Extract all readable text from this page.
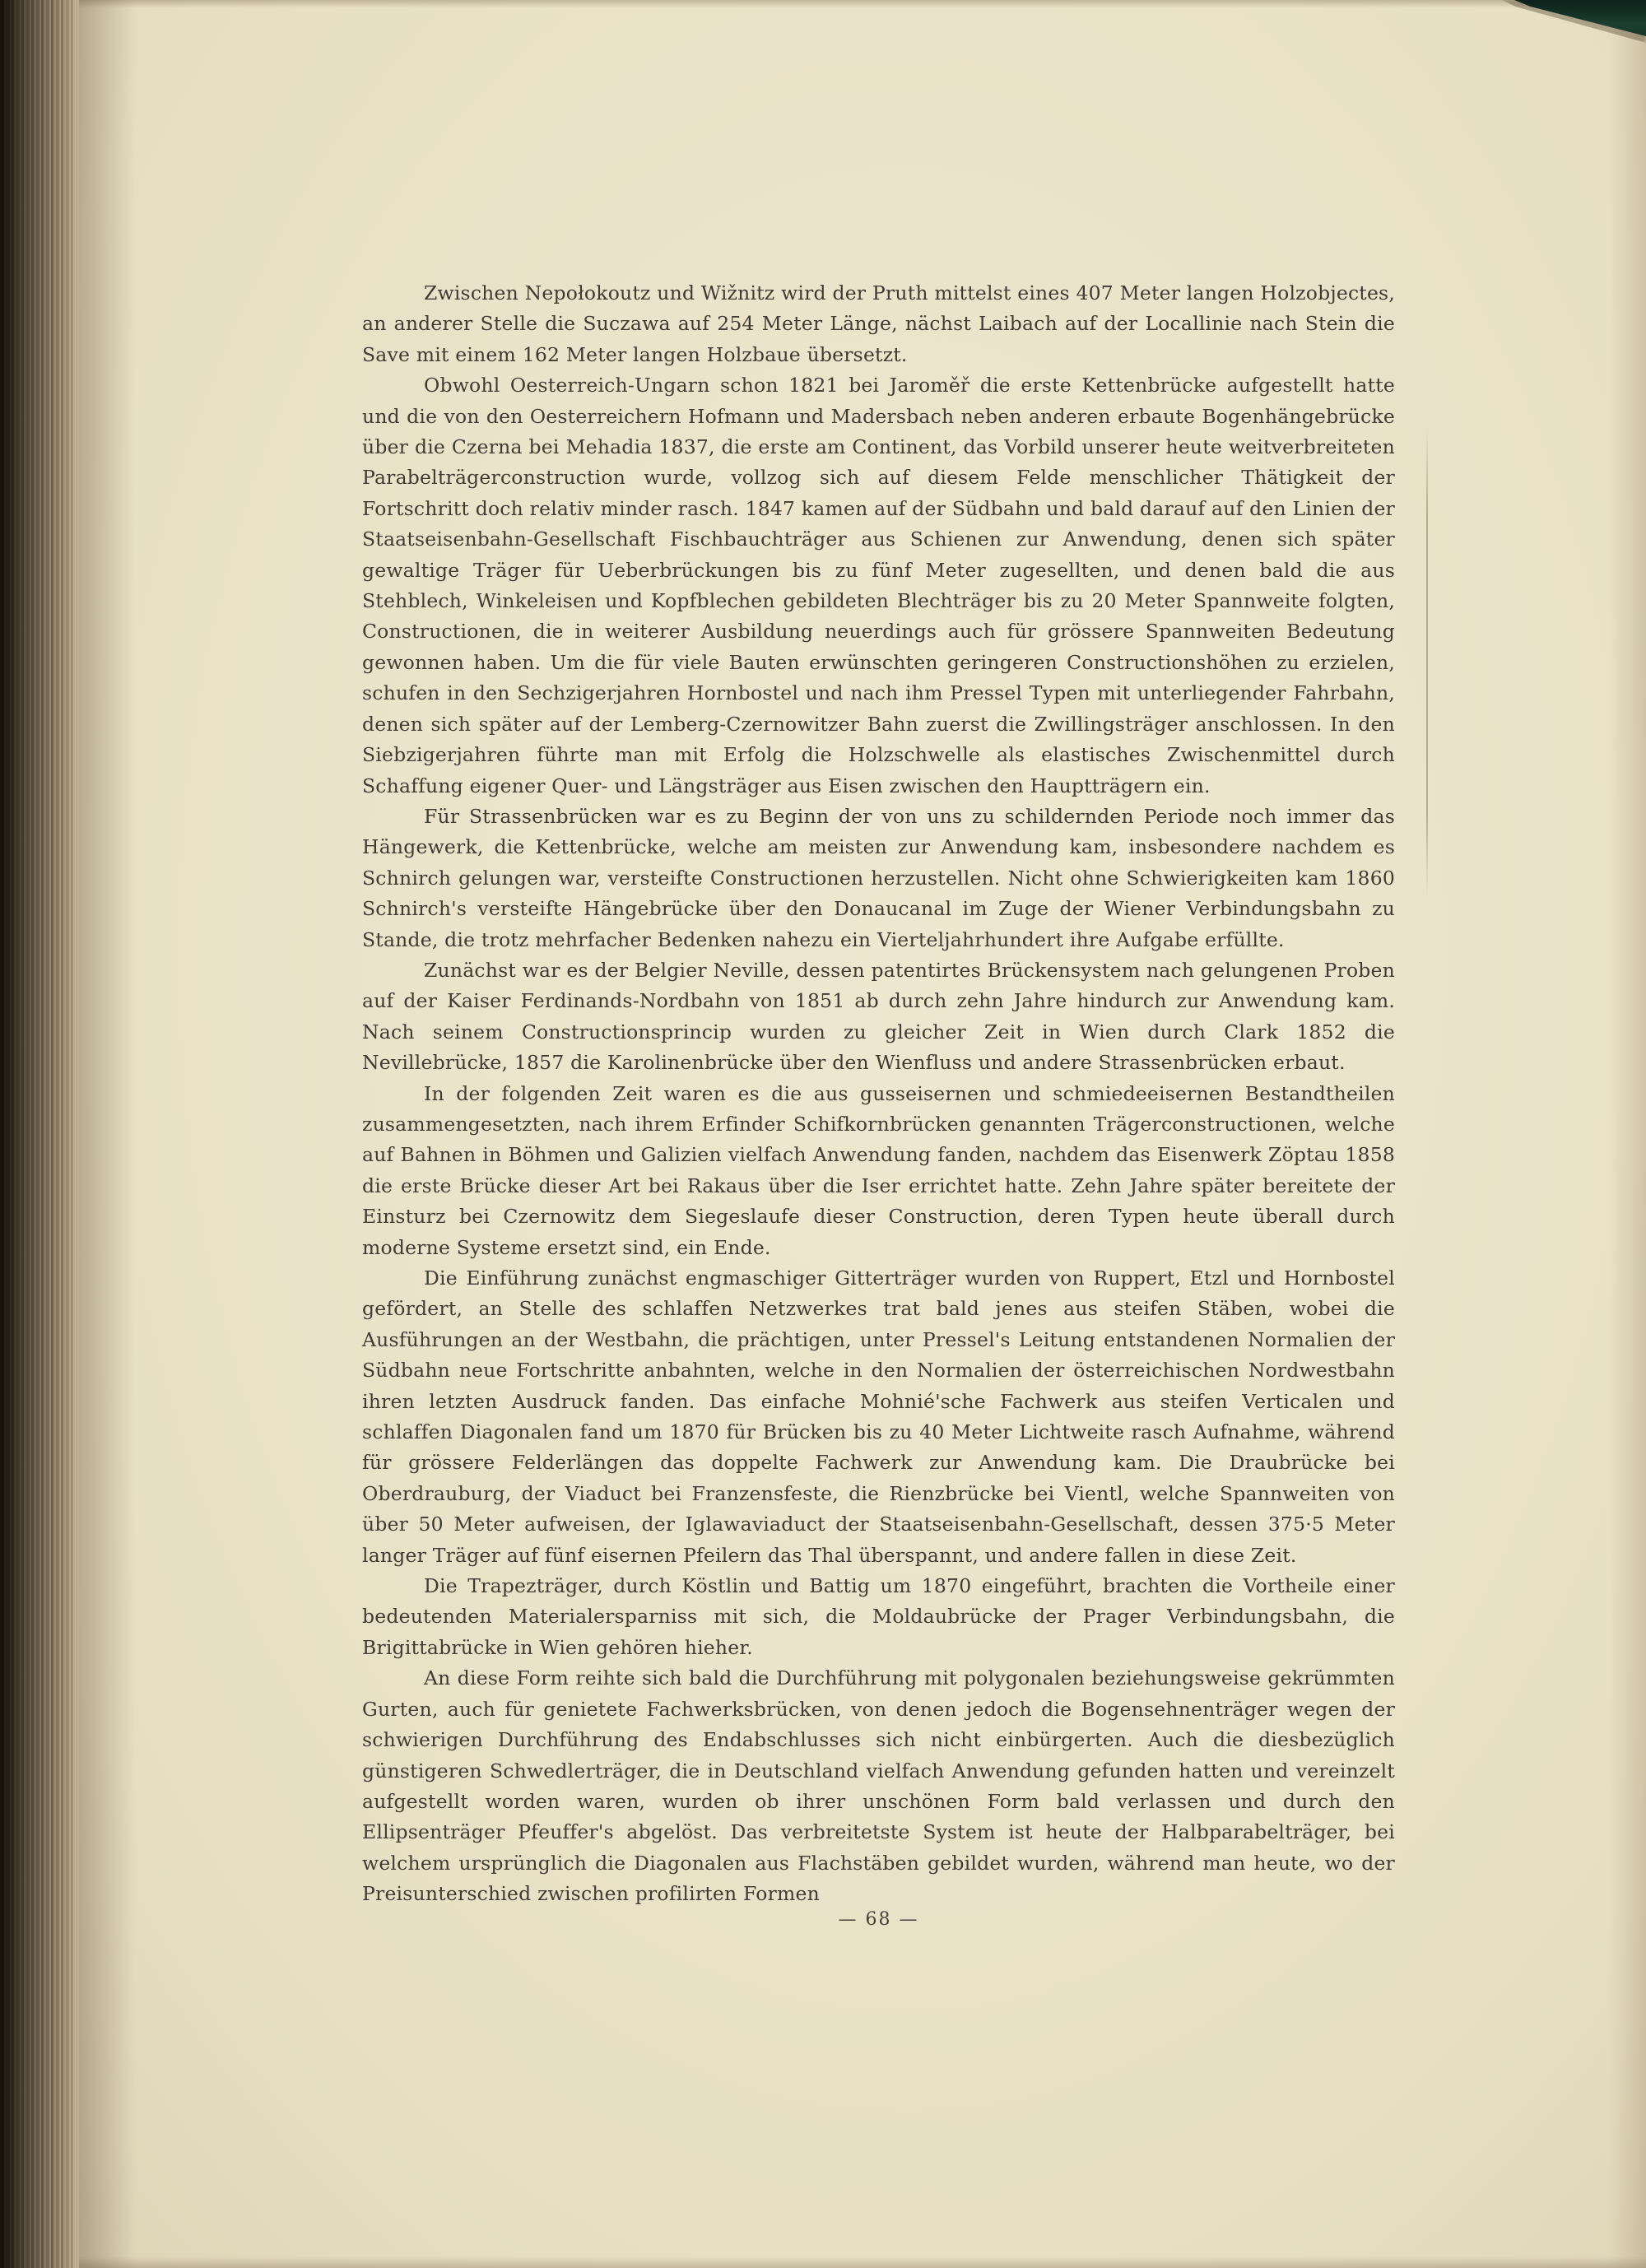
Zwischen Nepołokoutz und Wižnitz wird der Pruth mittelst eines 407 Meter langen Holzobjectes, an anderer Stelle die Suczawa auf 254 Meter Länge, nächst Laibach auf der Locallinie nach Stein die Save mit einem 162 Meter langen Holzbaue übersetzt.

Obwohl Oesterreich-Ungarn schon 1821 bei Jaroměř die erste Kettenbrücke aufgestellt hatte und die von den Oesterreichern Hofmann und Madersbach neben anderen erbaute Bogenhängebrücke über die Czerna bei Mehadia 1837, die erste am Continent, das Vorbild unserer heute weitverbreiteten Parabelträgerconstruction wurde, vollzog sich auf diesem Felde menschlicher Thätigkeit der Fortschritt doch relativ minder rasch. 1847 kamen auf der Südbahn und bald darauf auf den Linien der Staatseisenbahn-Gesellschaft Fischbauchträger aus Schienen zur Anwendung, denen sich später gewaltige Träger für Ueberbrückungen bis zu fünf Meter zugesellten, und denen bald die aus Stehblech, Winkeleisen und Kopfblechen gebildeten Blechträger bis zu 20 Meter Spannweite folgten, Constructionen, die in weiterer Ausbildung neuerdings auch für grössere Spannweiten Bedeutung gewonnen haben. Um die für viele Bauten erwünschten geringeren Constructionshöhen zu erzielen, schufen in den Sechzigerjahren Hornbostel und nach ihm Pressel Typen mit unterliegender Fahrbahn, denen sich später auf der Lemberg-Czernowitzer Bahn zuerst die Zwillingsträger anschlossen. In den Siebzigerjahren führte man mit Erfolg die Holzschwelle als elastisches Zwischenmittel durch Schaffung eigener Quer- und Längsträger aus Eisen zwischen den Hauptträgern ein.

Für Strassenbrücken war es zu Beginn der von uns zu schildernden Periode noch immer das Hängewerk, die Kettenbrücke, welche am meisten zur Anwendung kam, insbesondere nachdem es Schnirch gelungen war, versteifte Constructionen herzustellen. Nicht ohne Schwierigkeiten kam 1860 Schnirch's versteifte Hängebrücke über den Donaucanal im Zuge der Wiener Verbindungsbahn zu Stande, die trotz mehrfacher Bedenken nahezu ein Vierteljahrhundert ihre Aufgabe erfüllte.

Zunächst war es der Belgier Neville, dessen patentirtes Brückensystem nach gelungenen Proben auf der Kaiser Ferdinands-Nordbahn von 1851 ab durch zehn Jahre hindurch zur Anwendung kam. Nach seinem Constructionsprincip wurden zu gleicher Zeit in Wien durch Clark 1852 die Nevillebrücke, 1857 die Karolinenbrücke über den Wienfluss und andere Strassenbrücken erbaut.

In der folgenden Zeit waren es die aus gusseisernen und schmiedeeisernen Bestandtheilen zusammengesetzten, nach ihrem Erfinder Schifkornbrücken genannten Trägerconstructionen, welche auf Bahnen in Böhmen und Galizien vielfach Anwendung fanden, nachdem das Eisenwerk Zöptau 1858 die erste Brücke dieser Art bei Rakaus über die Iser errichtet hatte. Zehn Jahre später bereitete der Einsturz bei Czernowitz dem Siegeslaufe dieser Construction, deren Typen heute überall durch moderne Systeme ersetzt sind, ein Ende.

Die Einführung zunächst engmaschiger Gitterträger wurden von Ruppert, Etzl und Hornbostel gefördert, an Stelle des schlaffen Netzwerkes trat bald jenes aus steifen Stäben, wobei die Ausführungen an der Westbahn, die prächtigen, unter Pressel's Leitung entstandenen Normalien der Südbahn neue Fortschritte anbahnten, welche in den Normalien der österreichischen Nordwestbahn ihren letzten Ausdruck fanden. Das einfache Mohnié'sche Fachwerk aus steifen Verticalen und schlaffen Diagonalen fand um 1870 für Brücken bis zu 40 Meter Lichtweite rasch Aufnahme, während für grössere Felderlängen das doppelte Fachwerk zur Anwendung kam. Die Draubrücke bei Oberdrauburg, der Viaduct bei Franzensfeste, die Rienzbrücke bei Vientl, welche Spannweiten von über 50 Meter aufweisen, der Iglawaviaduct der Staatseisenbahn-Gesellschaft, dessen 375·5 Meter langer Träger auf fünf eisernen Pfeilern das Thal überspannt, und andere fallen in diese Zeit.

Die Trapezträger, durch Köstlin und Battig um 1870 eingeführt, brachten die Vortheile einer bedeutenden Materialersparniss mit sich, die Moldaubrücke der Prager Verbindungsbahn, die Brigittabrücke in Wien gehören hieher.

An diese Form reihte sich bald die Durchführung mit polygonalen beziehungsweise gekrümmten Gurten, auch für genietete Fachwerksbrücken, von denen jedoch die Bogensehnenträger wegen der schwierigen Durchführung des Endabschlusses sich nicht einbürgerten. Auch die diesbezüglich günstigeren Schwedlerträger, die in Deutschland vielfach Anwendung gefunden hatten und vereinzelt aufgestellt worden waren, wurden ob ihrer unschönen Form bald verlassen und durch den Ellipsenträger Pfeuffer's abgelöst. Das verbreitetste System ist heute der Halbparabelträger, bei welchem ursprünglich die Diagonalen aus Flachstäben gebildet wurden, während man heute, wo der Preisunterschied zwischen profilirten Formen

— 68 —
